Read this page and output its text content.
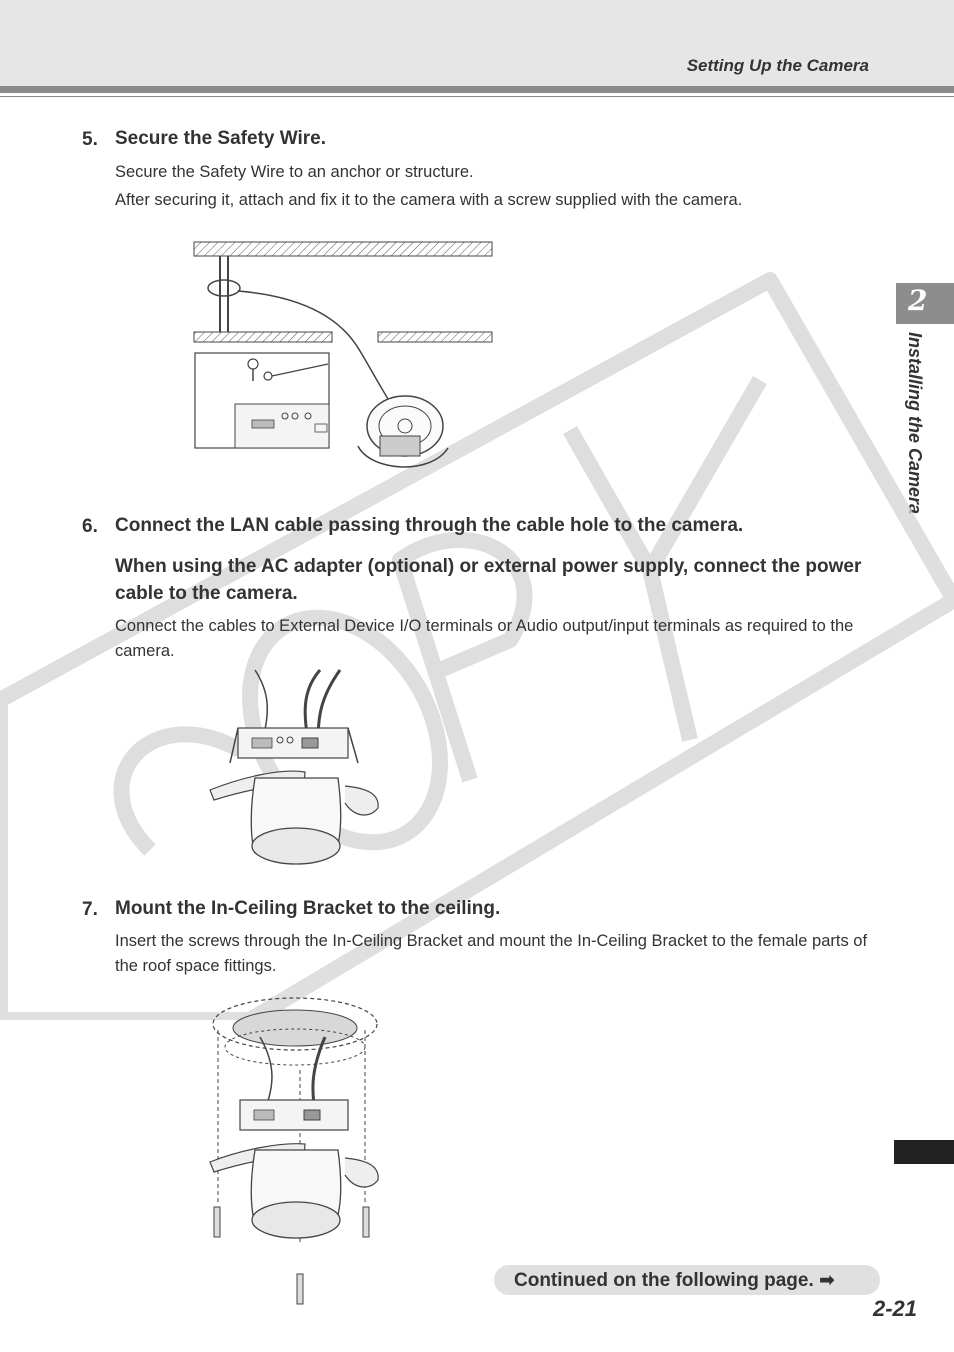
Setting Up the Camera
2
Installing the Camera
5. Secure the Safety Wire.
Secure the Safety Wire to an anchor or structure.
After securing it, attach and fix it to the camera with a screw supplied with the camera.
6. Connect the LAN cable passing through the cable hole to the camera.
When using the AC adapter (optional) or external power supply, connect the power cable to the camera.
Connect the cables to External Device I/O terminals or Audio output/input terminals as required to the camera.
7. Mount the In-Ceiling Bracket to the ceiling.
Insert the screws through the In-Ceiling Bracket and mount the In-Ceiling Bracket to the female parts of the roof space fittings.
Continued on the following page. ➡
2-21
